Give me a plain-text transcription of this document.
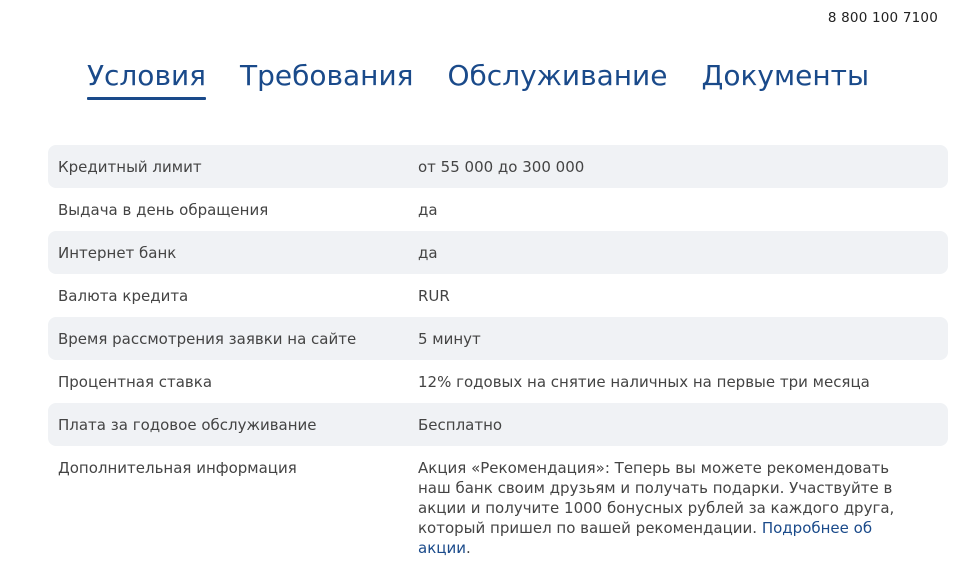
8 800 100 7100
Условия Требования Обслуживание Документы
Кредитный лимит	от 55 000 до 300 000
Выдача в день обращения	да
Интернет банк	да
Валюта кредита	RUR
Время рассмотрения заявки на сайте	5 минут
Процентная ставка	12% годовых на снятие наличных на первые три месяца
Плата за годовое обслуживание	Бесплатно
Дополнительная информация	Акция «Рекомендация»: Теперь вы можете рекомендовать наш банк своим друзьям и получать подарки. Участвуйте в акции и получите 1000 бонусных рублей за каждого друга, который пришел по вашей рекомендации. Подробнее об акции.
